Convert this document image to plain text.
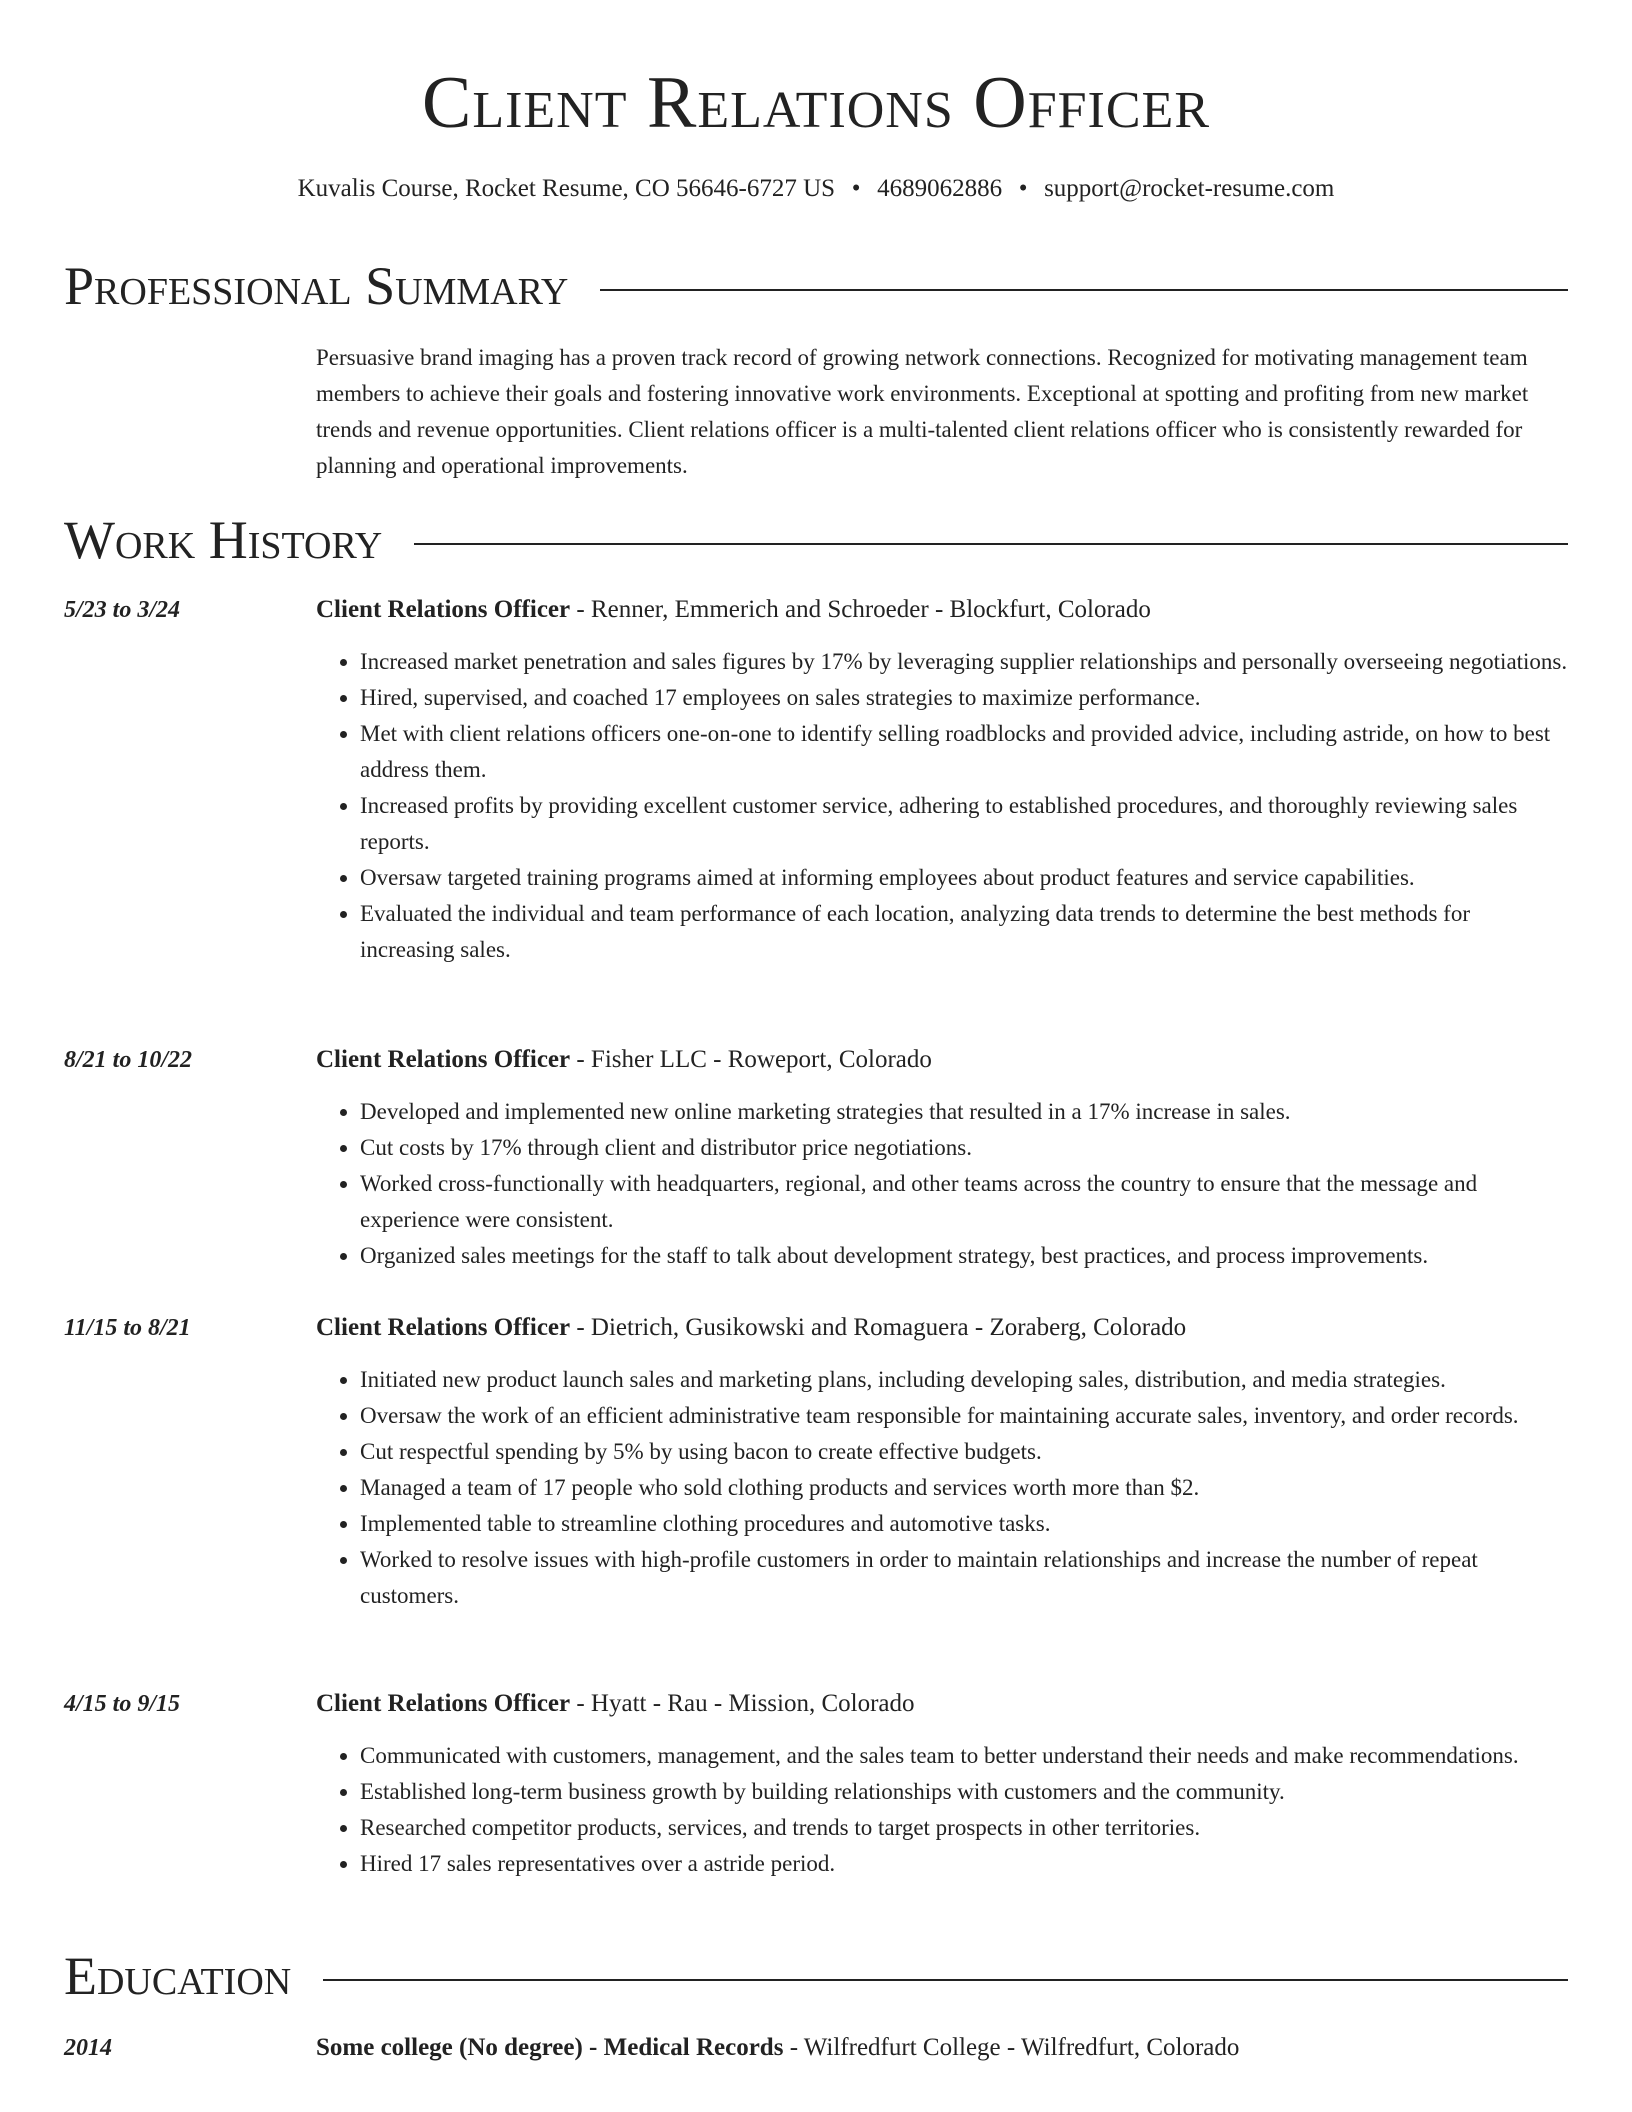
Client Relations Officer
Kuvalis Course, Rocket Resume, CO 56646-6727 US • 4689062886 • support@rocket-resume.com
Professional Summary

Persuasive brand imaging has a proven track record of growing network connections. Recognized for motivating management team members to achieve their goals and fostering innovative work environments. Exceptional at spotting and profiting from new market trends and revenue opportunities. Client relations officer is a multi-talented client relations officer who is consistently rewarded for planning and operational improvements.

Work History
5/23 to 3/24	Client Relations Officer - Renner, Emmerich and Schroeder - Blockfurt, Colorado
• Increased market penetration and sales figures by 17% by leveraging supplier relationships and personally overseeing negotiations.
• Hired, supervised, and coached 17 employees on sales strategies to maximize performance.
• Met with client relations officers one-on-one to identify selling roadblocks and provided advice, including astride, on how to best address them.
• Increased profits by providing excellent customer service, adhering to established procedures, and thoroughly reviewing sales reports.
• Oversaw targeted training programs aimed at informing employees about product features and service capabilities.
• Evaluated the individual and team performance of each location, analyzing data trends to determine the best methods for increasing sales.
8/21 to 10/22	Client Relations Officer - Fisher LLC - Roweport, Colorado
• Developed and implemented new online marketing strategies that resulted in a 17% increase in sales.
• Cut costs by 17% through client and distributor price negotiations.
• Worked cross-functionally with headquarters, regional, and other teams across the country to ensure that the message and experience were consistent.
• Organized sales meetings for the staff to talk about development strategy, best practices, and process improvements.
11/15 to 8/21	Client Relations Officer - Dietrich, Gusikowski and Romaguera - Zoraberg, Colorado
• Initiated new product launch sales and marketing plans, including developing sales, distribution, and media strategies.
• Oversaw the work of an efficient administrative team responsible for maintaining accurate sales, inventory, and order records.
• Cut respectful spending by 5% by using bacon to create effective budgets.
• Managed a team of 17 people who sold clothing products and services worth more than $2.
• Implemented table to streamline clothing procedures and automotive tasks.
• Worked to resolve issues with high-profile customers in order to maintain relationships and increase the number of repeat customers.
4/15 to 9/15	Client Relations Officer - Hyatt - Rau - Mission, Colorado
• Communicated with customers, management, and the sales team to better understand their needs and make recommendations.
• Established long-term business growth by building relationships with customers and the community.
• Researched competitor products, services, and trends to target prospects in other territories.
• Hired 17 sales representatives over a astride period.
Education
2014	Some college (No degree) - Medical Records - Wilfredfurt College - Wilfredfurt, Colorado
